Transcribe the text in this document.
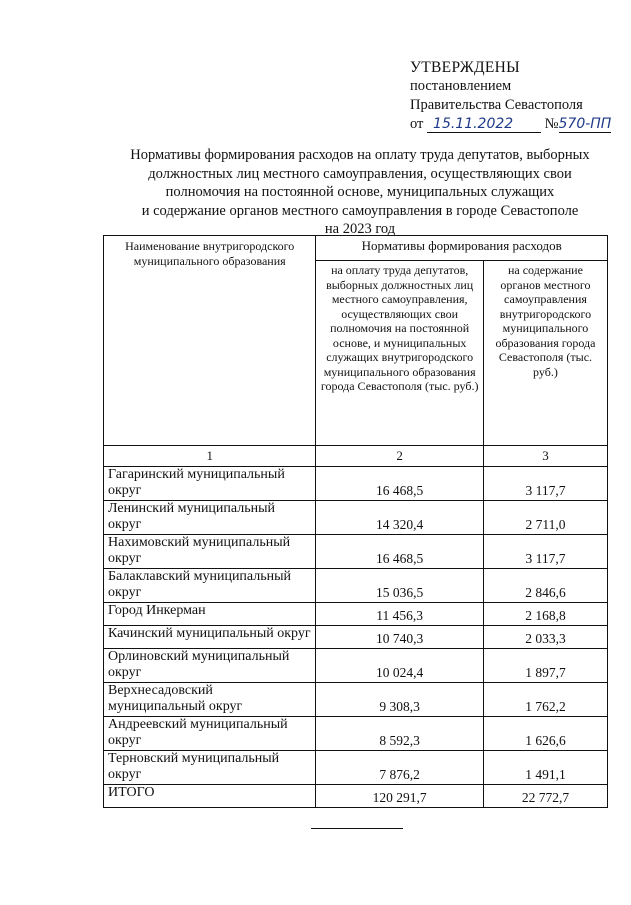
УТВЕРЖДЕНЫ
постановлением
Правительства Севастополя
от 15.11.2022 №570-ПП
Нормативы формирования расходов на оплату труда депутатов, выборных
должностных лиц местного самоуправления, осуществляющих свои
полномочия на постоянной основе, муниципальных служащих
и содержание органов местного самоуправления в городе Севастополе
на 2023 год
Наименование внутригородского муниципального образования	Нормативы формирования расходов	
	на оплату труда депутатов, выборных должностных лиц местного самоуправления, осуществляющих свои полномочия на постоянной основе, и муниципальных служащих внутригородского муниципального образования города Севастополя (тыс. руб.)	на содержание органов местного самоуправления внутригородского муниципального образования города Севастополя (тыс. руб.)
1	2	3
Гагаринский муниципальный округ	16 468,5	3 117,7
Ленинский муниципальный округ	14 320,4	2 711,0
Нахимовский муниципальный округ	16 468,5	3 117,7
Балаклавский муниципальный округ	15 036,5	2 846,6
Город Инкерман	11 456,3	2 168,8
Качинский муниципальный округ	10 740,3	2 033,3
Орлиновский муниципальный округ	10 024,4	1 897,7
Верхнесадовский муниципальный округ	9 308,3	1 762,2
Андреевский муниципальный округ	8 592,3	1 626,6
Терновский муниципальный округ	7 876,2	1 491,1
ИТОГО	120 291,7	22 772,7
